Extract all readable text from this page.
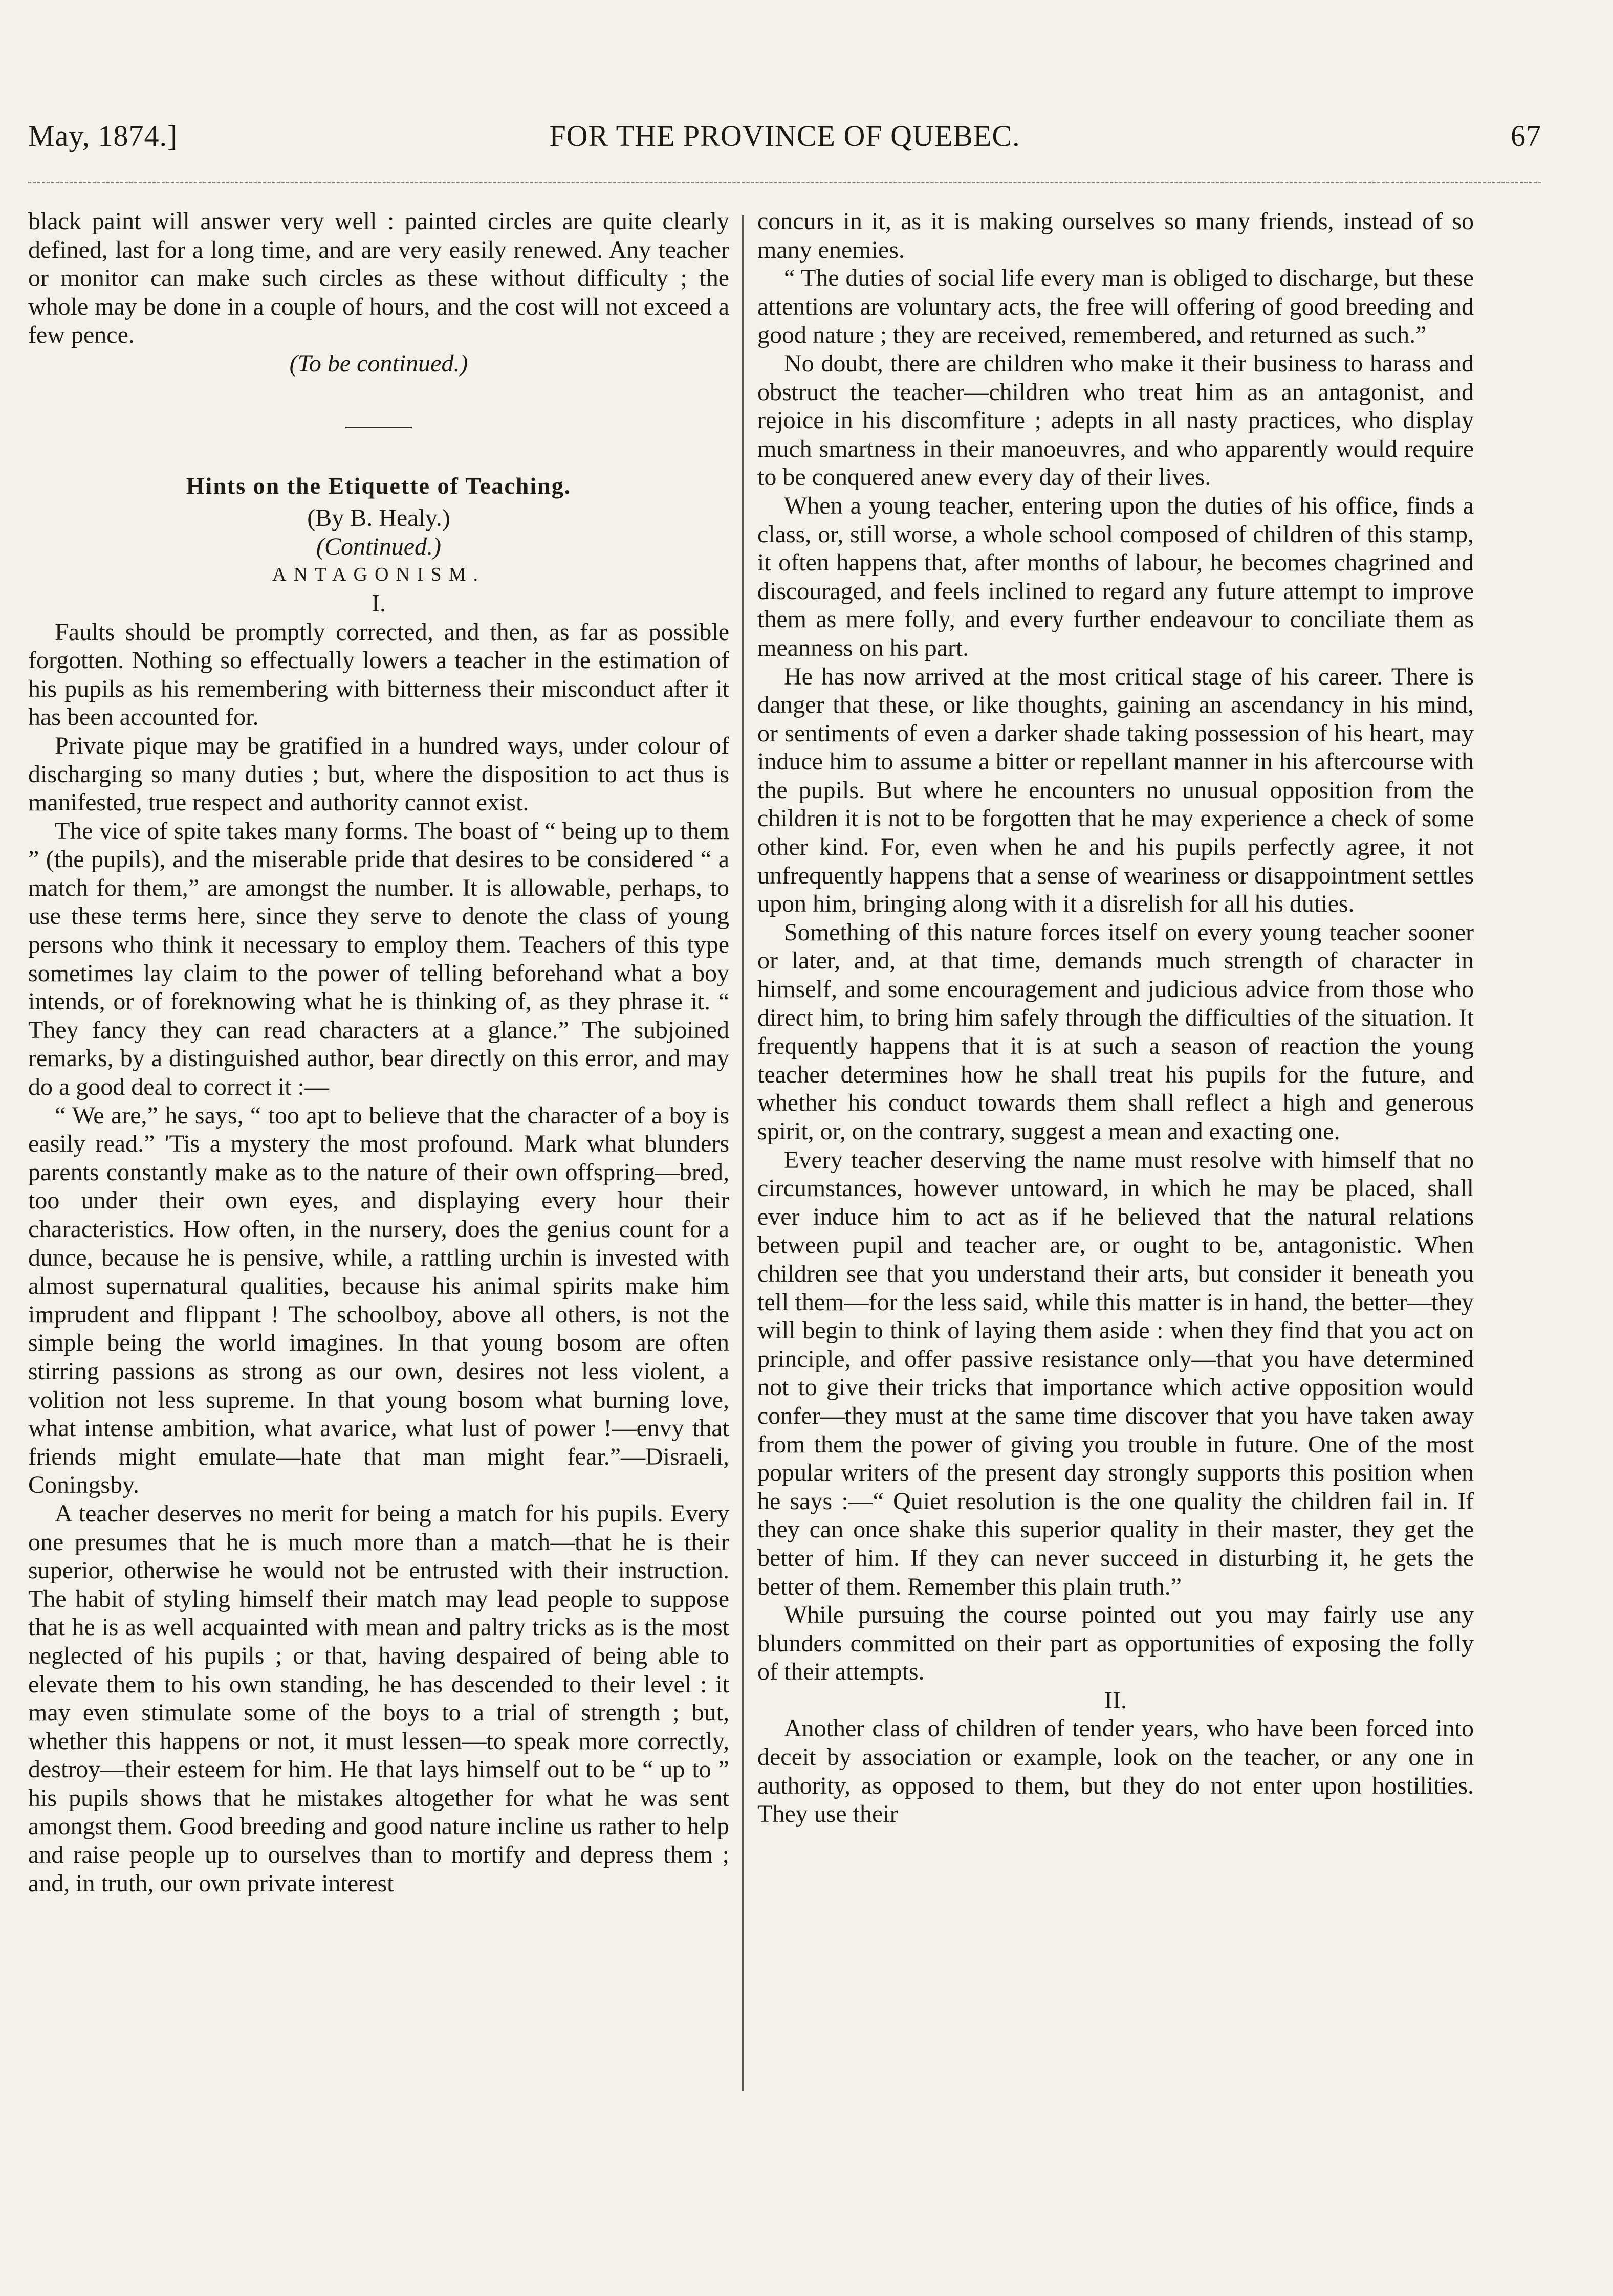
May, 1874.]	FOR THE PROVINCE OF QUEBEC.	67

black paint will answer very well : painted circles are quite clearly defined, last for a long time, and are very easily renewed. Any teacher or monitor can make such circles as these without difficulty ; the whole may be done in a couple of hours, and the cost will not exceed a few pence.

(To be continued.)

Hints on the Etiquette of Teaching.

(By B. Healy.)

(Continued.)

ANTAGONISM.

I.

Faults should be promptly corrected, and then, as far as possible forgotten. Nothing so effectually lowers a teacher in the estimation of his pupils as his remembering with bitterness their misconduct after it has been accounted for.

Private pique may be gratified in a hundred ways, under colour of discharging so many duties ; but, where the disposition to act thus is manifested, true respect and authority cannot exist.

The vice of spite takes many forms. The boast of “ being up to them ” (the pupils), and the miserable pride that desires to be considered “ a match for them,” are amongst the number. It is allowable, perhaps, to use these terms here, since they serve to denote the class of young persons who think it necessary to employ them. Teachers of this type sometimes lay claim to the power of telling beforehand what a boy intends, or of foreknowing what he is thinking of, as they phrase it. “ They fancy they can read characters at a glance.” The subjoined remarks, by a distinguished author, bear directly on this error, and may do a good deal to correct it :—

“ We are,” he says, “ too apt to believe that the character of a boy is easily read.” 'Tis a mystery the most profound. Mark what blunders parents constantly make as to the nature of their own offspring—bred, too under their own eyes, and displaying every hour their characteristics. How often, in the nursery, does the genius count for a dunce, because he is pensive, while, a rattling urchin is invested with almost supernatural qualities, because his animal spirits make him imprudent and flippant ! The schoolboy, above all others, is not the simple being the world imagines. In that young bosom are often stirring passions as strong as our own, desires not less violent, a volition not less supreme. In that young bosom what burning love, what intense ambition, what avarice, what lust of power !—envy that friends might emulate—hate that man might fear.”—Disraeli, Coningsby.

A teacher deserves no merit for being a match for his pupils. Every one presumes that he is much more than a match—that he is their superior, otherwise he would not be entrusted with their instruction. The habit of styling himself their match may lead people to suppose that he is as well acquainted with mean and paltry tricks as is the most neglected of his pupils ; or that, having despaired of being able to elevate them to his own standing, he has descended to their level : it may even stimulate some of the boys to a trial of strength ; but, whether this happens or not, it must lessen—to speak more correctly, destroy—their esteem for him. He that lays himself out to be “ up to ” his pupils shows that he mistakes altogether for what he was sent amongst them. Good breeding and good nature incline us rather to help and raise people up to ourselves than to mortify and depress them ; and, in truth, our own private interest

concurs in it, as it is making ourselves so many friends, instead of so many enemies.

“ The duties of social life every man is obliged to discharge, but these attentions are voluntary acts, the free will offering of good breeding and good nature ; they are received, remembered, and returned as such.”

No doubt, there are children who make it their business to harass and obstruct the teacher—children who treat him as an antagonist, and rejoice in his discomfiture ; adepts in all nasty practices, who display much smartness in their manoeuvres, and who apparently would require to be conquered anew every day of their lives.

When a young teacher, entering upon the duties of his office, finds a class, or, still worse, a whole school composed of children of this stamp, it often happens that, after months of labour, he becomes chagrined and discouraged, and feels inclined to regard any future attempt to improve them as mere folly, and every further endeavour to conciliate them as meanness on his part.

He has now arrived at the most critical stage of his career. There is danger that these, or like thoughts, gaining an ascendancy in his mind, or sentiments of even a darker shade taking possession of his heart, may induce him to assume a bitter or repellant manner in his aftercourse with the pupils. But where he encounters no unusual opposition from the children it is not to be forgotten that he may experience a check of some other kind. For, even when he and his pupils perfectly agree, it not unfrequently happens that a sense of weariness or disappointment settles upon him, bringing along with it a disrelish for all his duties.

Something of this nature forces itself on every young teacher sooner or later, and, at that time, demands much strength of character in himself, and some encouragement and judicious advice from those who direct him, to bring him safely through the difficulties of the situation. It frequently happens that it is at such a season of reaction the young teacher determines how he shall treat his pupils for the future, and whether his conduct towards them shall reflect a high and generous spirit, or, on the contrary, suggest a mean and exacting one.

Every teacher deserving the name must resolve with himself that no circumstances, however untoward, in which he may be placed, shall ever induce him to act as if he believed that the natural relations between pupil and teacher are, or ought to be, antagonistic. When children see that you understand their arts, but consider it beneath you tell them—for the less said, while this matter is in hand, the better—they will begin to think of laying them aside : when they find that you act on principle, and offer passive resistance only—that you have determined not to give their tricks that importance which active opposition would confer—they must at the same time discover that you have taken away from them the power of giving you trouble in future. One of the most popular writers of the present day strongly supports this position when he says :—“ Quiet resolution is the one quality the children fail in. If they can once shake this superior quality in their master, they get the better of him. If they can never succeed in disturbing it, he gets the better of them. Remember this plain truth.”

While pursuing the course pointed out you may fairly use any blunders committed on their part as opportunities of exposing the folly of their attempts.

II.

Another class of children of tender years, who have been forced into deceit by association or example, look on the teacher, or any one in authority, as opposed to them, but they do not enter upon hostilities. They use their
